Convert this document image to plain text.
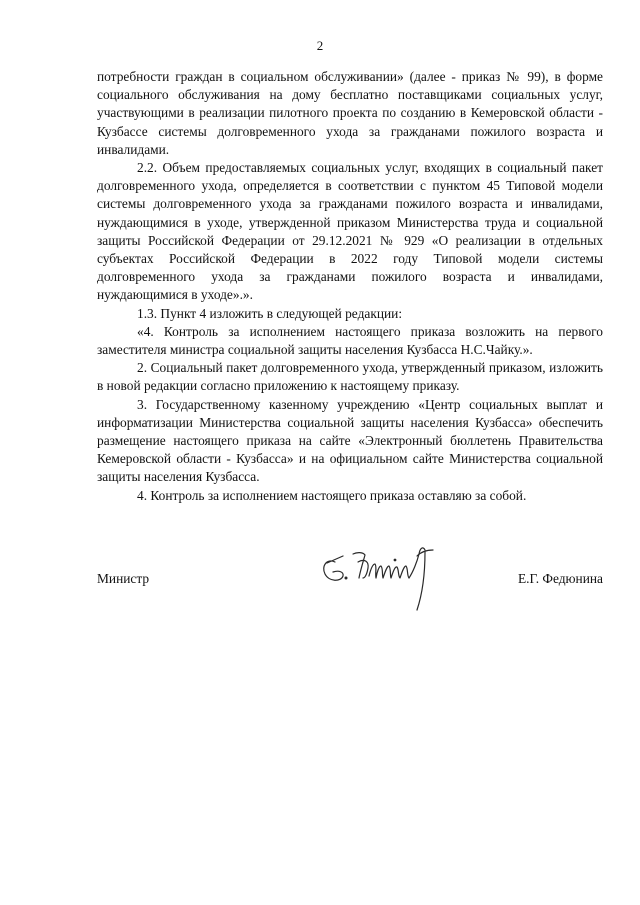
2

потребности граждан в социальном обслуживании» (далее - приказ № 99), в форме социального обслуживания на дому бесплатно поставщиками социальных услуг, участвующими в реализации пилотного проекта по созданию в Кемеровской области - Кузбассе системы долговременного ухода за гражданами пожилого возраста и инвалидами.

2.2. Объем предоставляемых социальных услуг, входящих в социальный пакет долговременного ухода, определяется в соответствии с пунктом 45 Типовой модели системы долговременного ухода за гражданами пожилого возраста и инвалидами, нуждающимися в уходе, утвержденной приказом Министерства труда и социальной защиты Российской Федерации от 29.12.2021 № 929 «О реализации в отдельных субъектах Российской Федерации в 2022 году Типовой модели системы долговременного ухода за гражданами пожилого возраста и инвалидами, нуждающимися в уходе».».

1.3. Пункт 4 изложить в следующей редакции:

«4. Контроль за исполнением настоящего приказа возложить на первого заместителя министра социальной защиты населения Кузбасса Н.С.Чайку.».

2. Социальный пакет долговременного ухода, утвержденный приказом, изложить в новой редакции согласно приложению к настоящему приказу.

3. Государственному казенному учреждению «Центр социальных выплат и информатизации Министерства социальной защиты населения Кузбасса» обеспечить размещение настоящего приказа на сайте «Электронный бюллетень Правительства Кемеровской области - Кузбасса» и на официальном сайте Министерства социальной защиты населения Кузбасса.

4. Контроль за исполнением настоящего приказа оставляю за собой.

Министр	Е.Г. Федюнина
